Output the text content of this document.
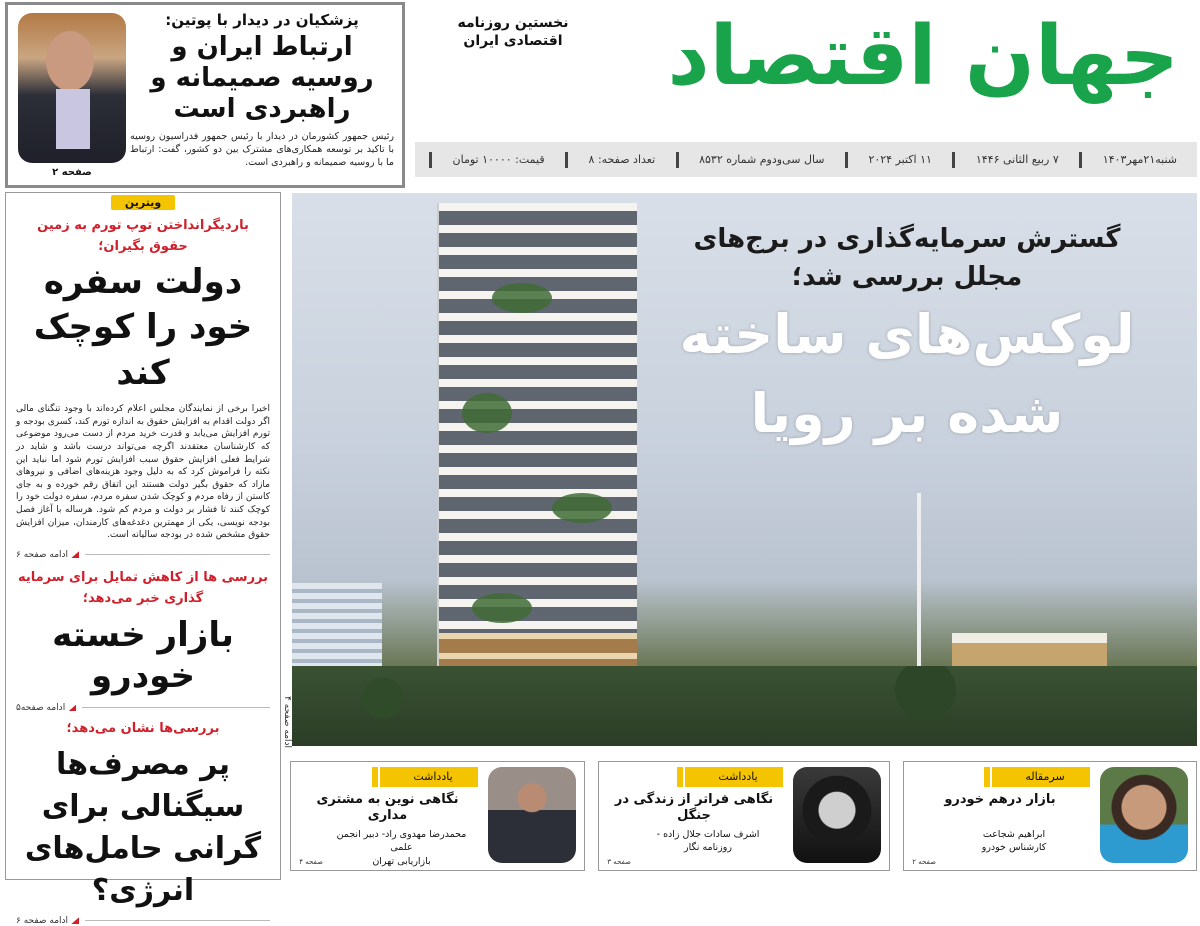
صفحه ۲
پزشکیان در دیدار با پوتین:
ارتباط ایران و روسیه صمیمانه و راهبردی است
رئیس جمهور کشورمان در دیدار با رئیس جمهور فدراسیون روسیه با تاکید بر توسعه همکاری‌های مشترک بین دو کشور، گفت: ارتباط ما با روسیه صمیمانه و راهبردی است.
جهان اقتصاد
نخستین روزنامه
اقتصادی ایران
شنبه۲۱مهر۱۴۰۳
۷ ربیع الثانی ۱۴۴۶
۱۱ اکتبر ۲۰۲۴
سال سی‌ودوم شماره ۸۵۳۲
تعداد صفحه: ۸
قیمت: ۱۰۰۰۰ تومان
ویترین
باردیگرانداختن توپ تورم به زمین حقوق بگیران؛
دولت سفره خود را کوچک کند
اخیرا برخی از نمایندگان مجلس اعلام کرده‌اند با وجود تنگنای مالی اگر دولت اقدام به افزایش حقوق به اندازه تورم کند، کسری بودجه و تورم افزایش می‌یابد و قدرت خرید مردم از دست می‌رود موضوعی که کارشناسان معتقدند اگرچه می‌تواند درست باشد و شاید در شرایط فعلی افزایش حقوق سبب افزایش تورم شود اما نباید این نکته را فراموش کرد که به دلیل وجود هزینه‌های اضافی و نیروهای مازاد که حقوق بگیر دولت هستند این اتفاق رقم خورده و به جای کاستن از رفاه مردم و کوچک شدن سفره مردم، سفره دولت خود را کوچک کنند تا فشار بر دولت و مردم کم شود. هرساله با آغاز فصل بودجه نویسی، یکی از مهمترین دغدغه‌های کارمندان، میزان افزایش حقوق مشخص شده در بودجه سالیانه است.
ادامه صفحه ۶
بررسی ها از کاهش تمایل برای سرمایه گذاری خبر می‌دهد؛
بازار خسته خودرو
ادامه صفحه۵
بررسی‌ها نشان می‌دهد؛
پر مصرف‌ها سیگنالی برای گرانی حامل‌های انرژی؟
ادامه صفحه ۶
ادامه صفحه ۴
گسترش سرمایه‌گذاری در برج‌های مجلل بررسی شد؛
لوکس‌های ساخته شده بر رویا
سرمقاله
بازار درهم خودرو
ابراهیم شجاعت
کارشناس خودرو
صفحه ۲
یادداشت
نگاهی فراتر از زندگی در جنگل
اشرف سادات جلال زاده -
روزنامه نگار
صفحه ۳
یادداشت
نگاهی نوین به مشتری مداری
محمدرضا مهدوی راد- دبیر انجمن علمی
بازاریابی تهران
صفحه ۴
